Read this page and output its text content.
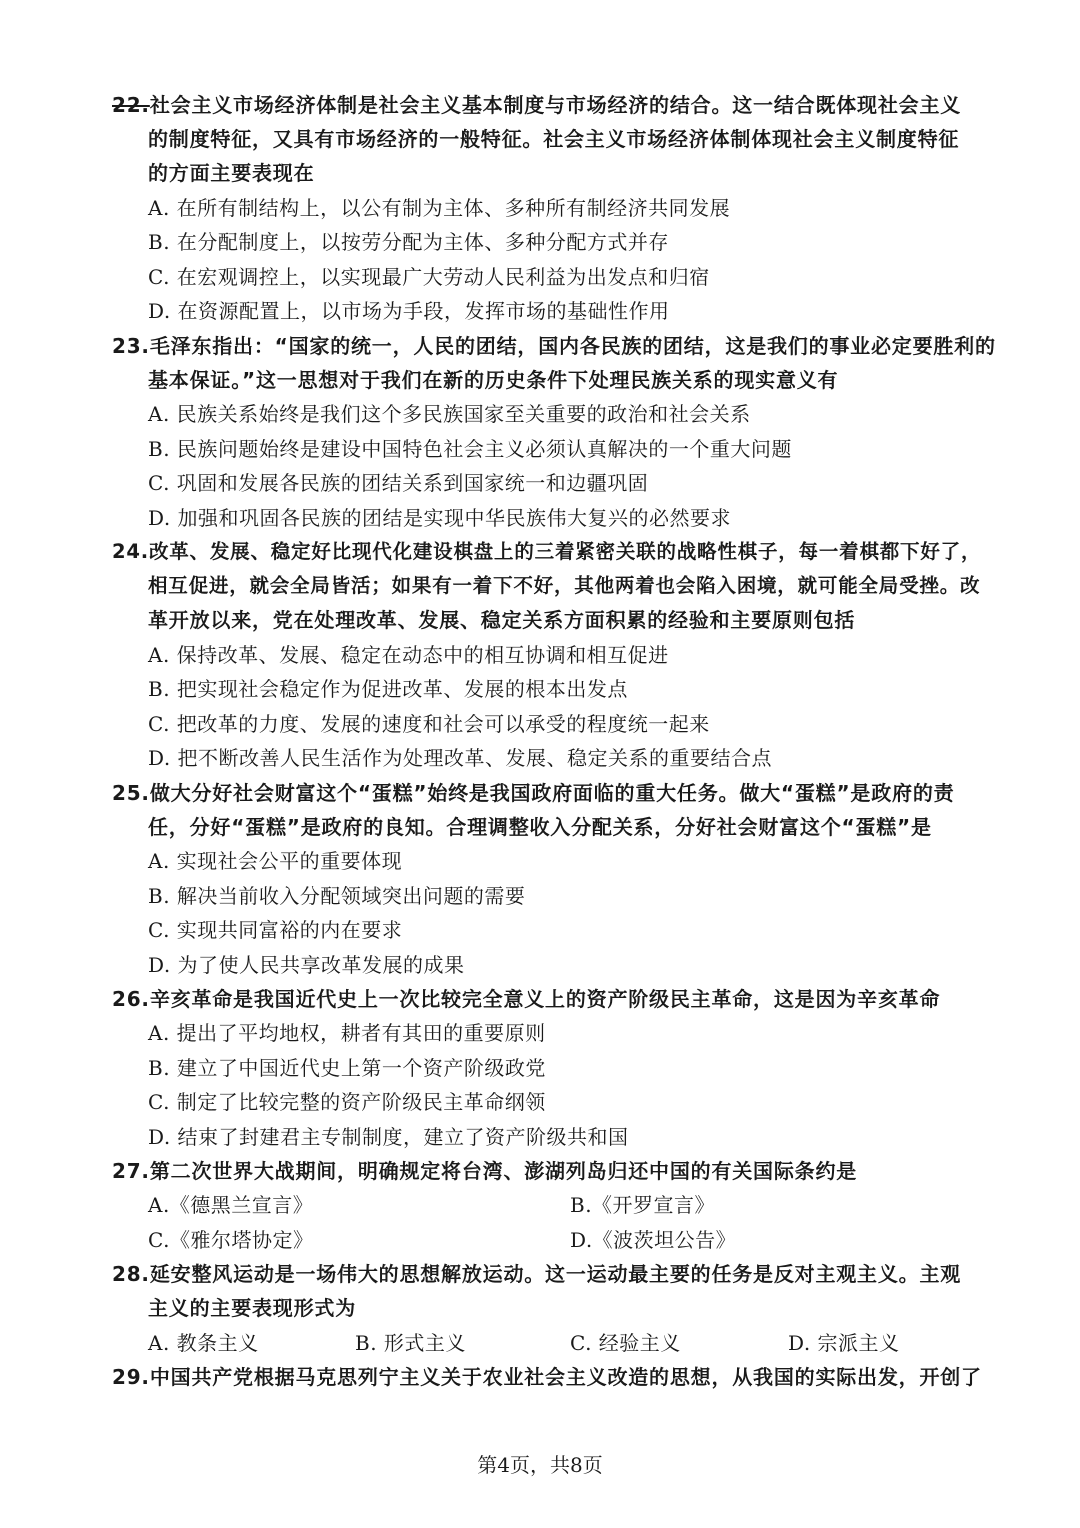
22.社会主义市场经济体制是社会主义基本制度与市场经济的结合。这一结合既体现社会主义
的制度特征，又具有市场经济的一般特征。社会主义市场经济体制体现社会主义制度特征
的方面主要表现在
A. 在所有制结构上，以公有制为主体、多种所有制经济共同发展
B. 在分配制度上，以按劳分配为主体、多种分配方式并存
C. 在宏观调控上，以实现最广大劳动人民利益为出发点和归宿
D. 在资源配置上，以市场为手段，发挥市场的基础性作用
23.毛泽东指出：“国家的统一，人民的团结，国内各民族的团结，这是我们的事业必定要胜利的
基本保证。”这一思想对于我们在新的历史条件下处理民族关系的现实意义有
A. 民族关系始终是我们这个多民族国家至关重要的政治和社会关系
B. 民族问题始终是建设中国特色社会主义必须认真解决的一个重大问题
C. 巩固和发展各民族的团结关系到国家统一和边疆巩固
D. 加强和巩固各民族的团结是实现中华民族伟大复兴的必然要求
24.改革、发展、稳定好比现代化建设棋盘上的三着紧密关联的战略性棋子，每一着棋都下好了，
相互促进，就会全局皆活；如果有一着下不好，其他两着也会陷入困境，就可能全局受挫。改
革开放以来，党在处理改革、发展、稳定关系方面积累的经验和主要原则包括
A. 保持改革、发展、稳定在动态中的相互协调和相互促进
B. 把实现社会稳定作为促进改革、发展的根本出发点
C. 把改革的力度、发展的速度和社会可以承受的程度统一起来
D. 把不断改善人民生活作为处理改革、发展、稳定关系的重要结合点
25.做大分好社会财富这个“蛋糕”始终是我国政府面临的重大任务。做大“蛋糕”是政府的责
任，分好“蛋糕”是政府的良知。合理调整收入分配关系，分好社会财富这个“蛋糕”是
A. 实现社会公平的重要体现
B. 解决当前收入分配领域突出问题的需要
C. 实现共同富裕的内在要求
D. 为了使人民共享改革发展的成果
26.辛亥革命是我国近代史上一次比较完全意义上的资产阶级民主革命，这是因为辛亥革命
A. 提出了平均地权，耕者有其田的重要原则
B. 建立了中国近代史上第一个资产阶级政党
C. 制定了比较完整的资产阶级民主革命纲领
D. 结束了封建君主专制制度，建立了资产阶级共和国
27.第二次世界大战期间，明确规定将台湾、澎湖列岛归还中国的有关国际条约是
A.《德黑兰宣言》	B.《开罗宣言》
C.《雅尔塔协定》	D.《波茨坦公告》
28.延安整风运动是一场伟大的思想解放运动。这一运动最主要的任务是反对主观主义。主观
主义的主要表现形式为
A. 教条主义	B. 形式主义	C. 经验主义	D. 宗派主义
29.中国共产党根据马克思列宁主义关于农业社会主义改造的思想，从我国的实际出发，开创了
第4页，共8页
